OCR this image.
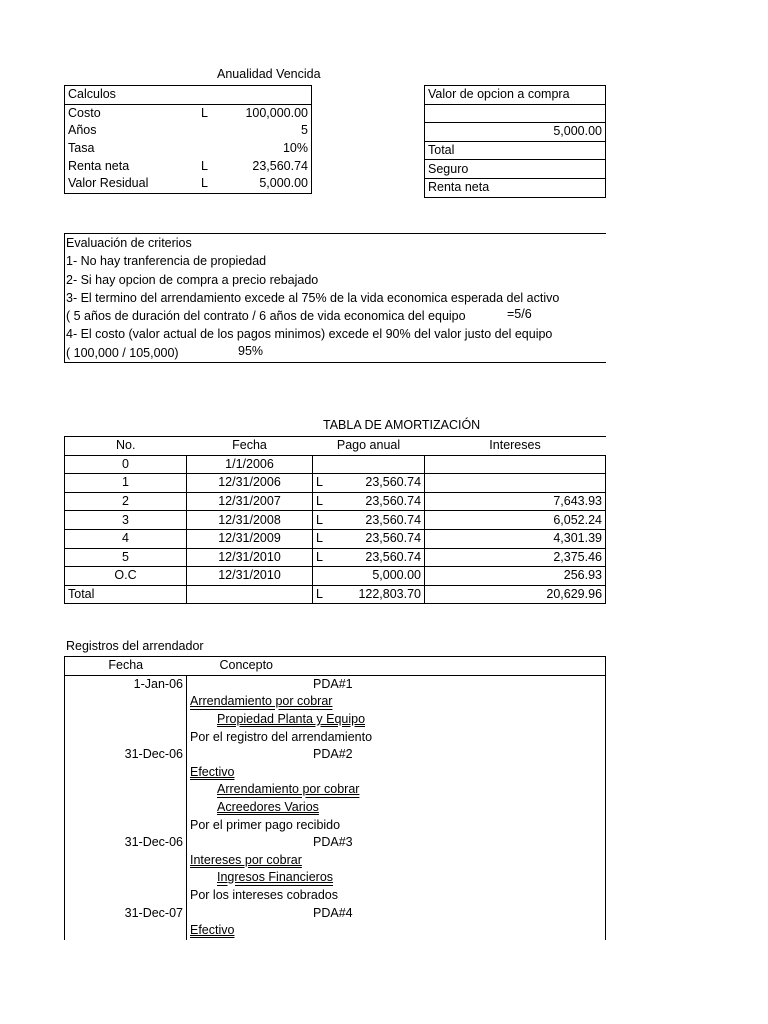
Anualidad Vencida
Calculos		
Costo	L	100,000.00
Años		5
Tasa		10%
Renta neta	L	23,560.74
Valor Residual	L	5,000.00
Valor de opcion a compra

5,000.00
Total
Seguro
Renta neta
Evaluación de criterios
1- No hay tranferencia de propiedad
2- Si hay opcion de compra a precio rebajado
3- El termino del arrendamiento excede al 75% de la vida economica esperada del activo
( 5 años de duración del contrato / 6 años de vida economica del equipo
4- El costo (valor actual de los pagos minimos) excede el 90% del valor justo del equipo
( 100,000 / 105,000)
=5/6
95%
TABLA DE AMORTIZACIÓN
No.	Fecha	Pago anual		Intereses
0	1/1/2006			
1	12/31/2006	L	23,560.74	
2	12/31/2007	L	23,560.74	7,643.93
3	12/31/2008	L	23,560.74	6,052.24
4	12/31/2009	L	23,560.74	4,301.39
5	12/31/2010	L	23,560.74	2,375.46
O.C	12/31/2010		5,000.00	256.93
Total		L	122,803.70	20,629.96
Registros del arrendador
Fecha	Concepto
1-Jan-06	PDA#1
	Arrendamiento por cobrar
	Propiedad Planta y Equipo
	Por el registro del arrendamiento
31-Dec-06	PDA#2
	Efectivo
	Arrendamiento por cobrar
	Acreedores Varios
	Por el primer pago recibido
31-Dec-06	PDA#3
	Intereses por cobrar
	Ingresos Financieros
	Por los intereses cobrados
31-Dec-07	PDA#4
	Efectivo
